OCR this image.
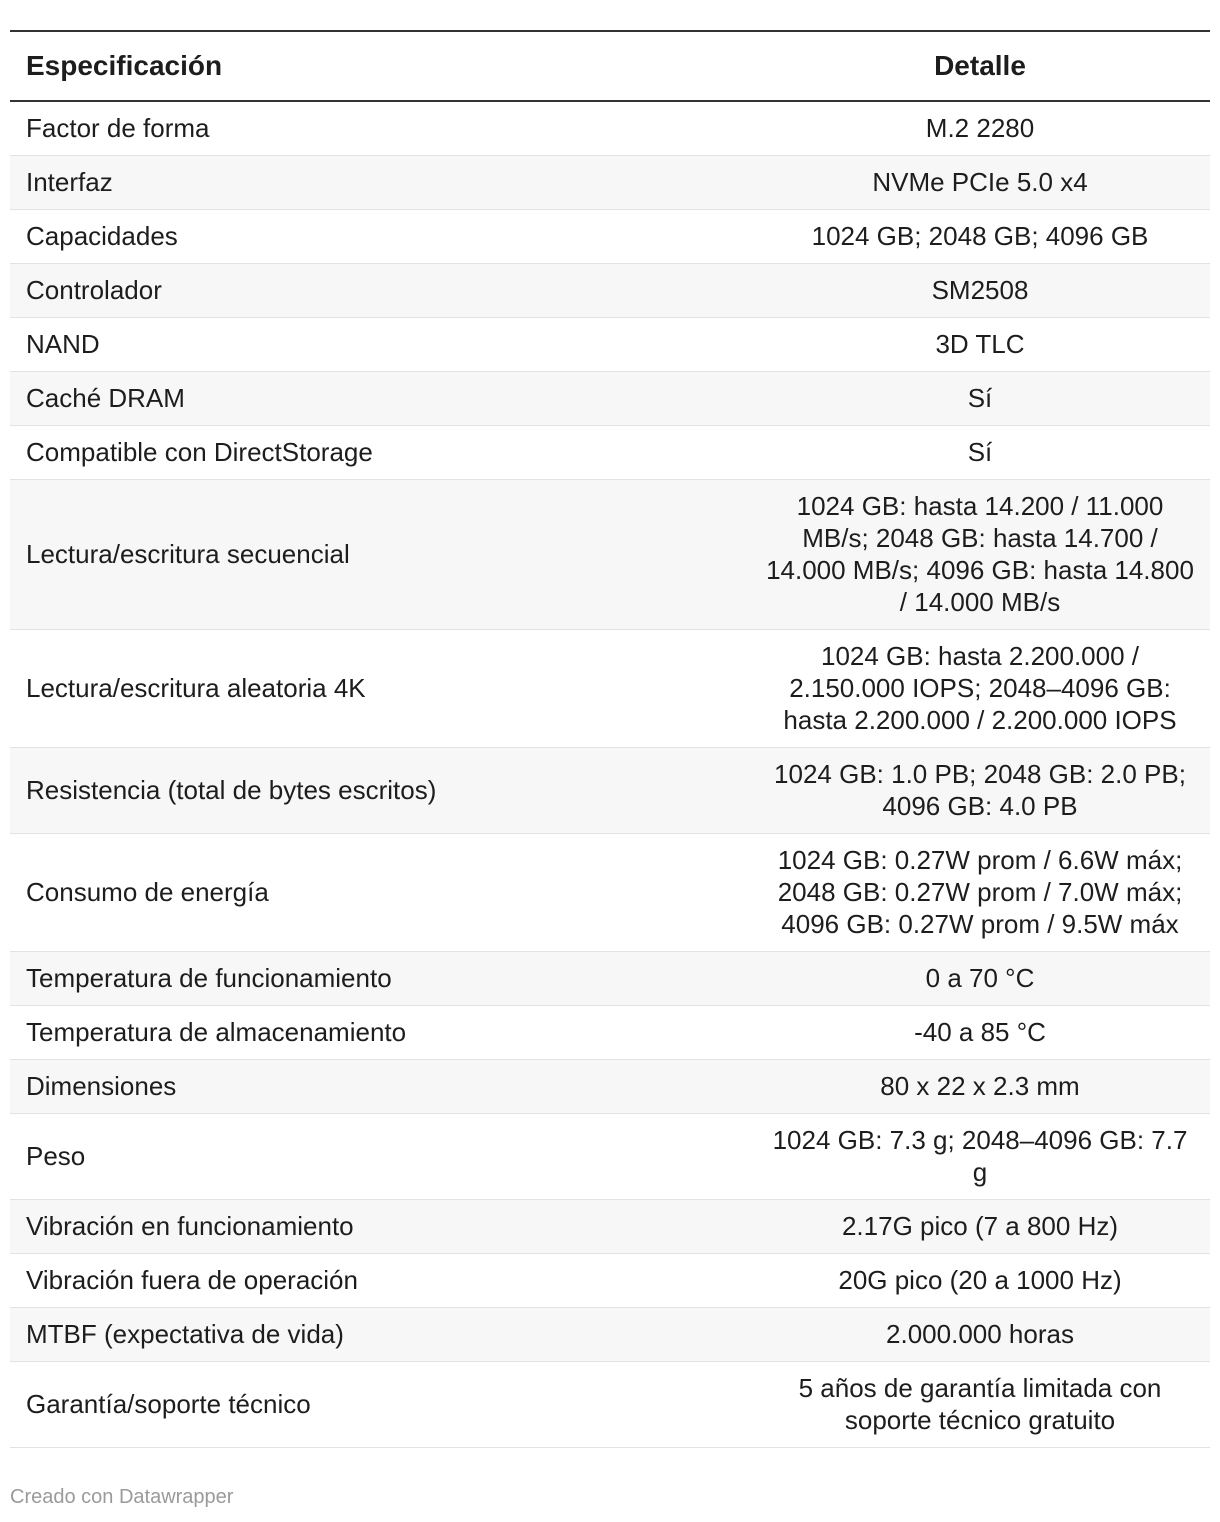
Especificación	Detalle
Factor de forma	M.2 2280
Interfaz	NVMe PCIe 5.0 x4
Capacidades	1024 GB; 2048 GB; 4096 GB
Controlador	SM2508
NAND	3D TLC
Caché DRAM	Sí
Compatible con DirectStorage	Sí
Lectura/escritura secuencial	1024 GB: hasta 14.200 / 11.000 MB/s; 2048 GB: hasta 14.700 / 14.000 MB/s; 4096 GB: hasta 14.800 / 14.000 MB/s
Lectura/escritura aleatoria 4K	1024 GB: hasta 2.200.000 / 2.150.000 IOPS; 2048–4096 GB: hasta 2.200.000 / 2.200.000 IOPS
Resistencia (total de bytes escritos)	1024 GB: 1.0 PB; 2048 GB: 2.0 PB; 4096 GB: 4.0 PB
Consumo de energía	1024 GB: 0.27W prom / 6.6W máx; 2048 GB: 0.27W prom / 7.0W máx; 4096 GB: 0.27W prom / 9.5W máx
Temperatura de funcionamiento	0 a 70 °C
Temperatura de almacenamiento	-40 a 85 °C
Dimensiones	80 x 22 x 2.3 mm
Peso	1024 GB: 7.3 g; 2048–4096 GB: 7.7 g
Vibración en funcionamiento	2.17G pico (7 a 800 Hz)
Vibración fuera de operación	20G pico (20 a 1000 Hz)
MTBF (expectativa de vida)	2.000.000 horas
Garantía/soporte técnico	5 años de garantía limitada con soporte técnico gratuito
Creado con Datawrapper
